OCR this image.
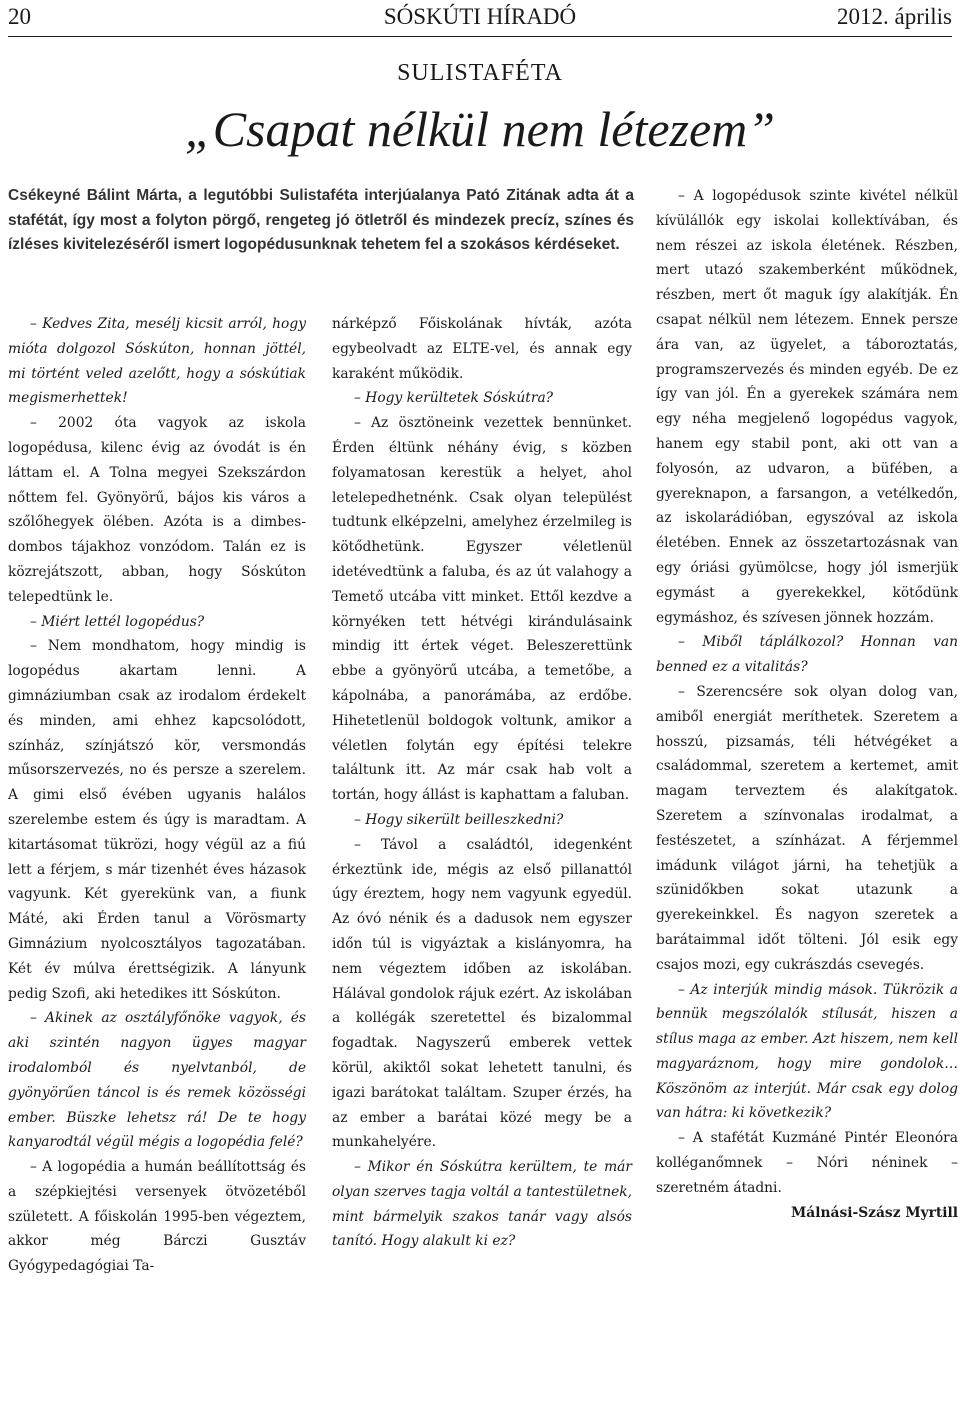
20	SÓSKÚTI HÍRADÓ	2012. április
SULISTAFÉTA
„Csapat nélkül nem létezem”
Csékeyné Bálint Márta, a legutóbbi Sulistaféta interjúalanya Pató Zitának adta át a stafétát, így most a folyton pörgő, rengeteg jó ötletről és mindezek precíz, színes és ízléses kivitelezéséről ismert logopédusunknak tehetem fel a szokásos kérdéseket.

– Kedves Zita, mesélj kicsit arról, hogy mióta dolgozol Sóskúton, honnan jöttél, mi történt veled azelőtt, hogy a sóskútiak megismerhettek!

– 2002 óta vagyok az iskola logopédusa, kilenc évig az óvodát is én láttam el. A Tolna megyei Szekszárdon nőttem fel. Gyönyörű, bájos kis város a szőlőhegyek ölében. Azóta is a dimbes-dombos tájakhoz vonzódom. Talán ez is közrejátszott, abban, hogy Sóskúton telepedtünk le.

– Miért lettél logopédus?

– Nem mondhatom, hogy mindig is logopédus akartam lenni. A gimnáziumban csak az irodalom érdekelt és minden, ami ehhez kapcsolódott, színház, színjátszó kör, versmondás műsorszervezés, no és persze a szerelem. A gimi első évében ugyanis halálos szerelembe estem és úgy is maradtam. A kitartásomat tükrözi, hogy végül az a fiú lett a férjem, s már tizenhét éves házasok vagyunk. Két gyerekünk van, a fiunk Máté, aki Érden tanul a Vörösmarty Gimnázium nyolcosztályos tagozatában. Két év múlva érettségizik. A lányunk pedig Szofi, aki hetedikes itt Sóskúton.

– Akinek az osztályfőnöke vagyok, és aki szintén nagyon ügyes magyar irodalomból és nyelvtanból, de gyönyörűen táncol is és remek közösségi ember. Büszke lehetsz rá! De te hogy kanyarodtál végül mégis a logopédia felé?

– A logopédia a humán beállítottság és a szépkiejtési versenyek ötvözetéből született. A főiskolán 1995-ben végeztem, akkor még Bárczi Gusztáv Gyógypedagógiai Ta-

nárképző Főiskolának hívták, azóta egybeolvadt az ELTE-vel, és annak egy karaként működik.

– Hogy kerültetek Sóskútra?

– Az ösztöneink vezettek bennünket. Érden éltünk néhány évig, s közben folyamatosan kerestük a helyet, ahol letelepedhetnénk. Csak olyan települést tudtunk elképzelni, amelyhez érzelmileg is kötődhetünk. Egyszer véletlenül idetévedtünk a faluba, és az út valahogy a Temető utcába vitt minket. Ettől kezdve a környéken tett hétvégi kirándulásaink mindig itt értek véget. Beleszerettünk ebbe a gyönyörű utcába, a temetőbe, a kápolnába, a panorámába, az erdőbe. Hihetetlenül boldogok voltunk, amikor a véletlen folytán egy építési telekre találtunk itt. Az már csak hab volt a tortán, hogy állást is kaphattam a faluban.

– Hogy sikerült beilleszkedni?

– Távol a családtól, idegenként érkeztünk ide, mégis az első pillanattól úgy éreztem, hogy nem vagyunk egyedül. Az óvó nénik és a dadusok nem egyszer időn túl is vigyáztak a kislányomra, ha nem végeztem időben az iskolában. Hálával gondolok rájuk ezért. Az iskolában a kollégák szeretettel és bizalommal fogadtak. Nagyszerű emberek vettek körül, akiktől sokat lehetett tanulni, és igazi barátokat találtam. Szuper érzés, ha az ember a barátai közé megy be a munkahelyére.

– Mikor én Sóskútra kerültem, te már olyan szerves tagja voltál a tantestületnek, mint bármelyik szakos tanár vagy alsós tanító. Hogy alakult ki ez?

– A logopédusok szinte kivétel nélkül kívülállók egy iskolai kollektívában, és nem részei az iskola életének. Részben, mert utazó szakemberként működnek, részben, mert őt maguk így alakítják. Én csapat nélkül nem létezem. Ennek persze ára van, az ügyelet, a táboroztatás, programszervezés és minden egyéb. De ez így van jól. Én a gyerekek számára nem egy néha megjelenő logopédus vagyok, hanem egy stabil pont, aki ott van a folyosón, az udvaron, a büfében, a gyereknapon, a farsangon, a vetélkedőn, az iskolarádióban, egyszóval az iskola életében. Ennek az összetartozásnak van egy óriási gyümölcse, hogy jól ismerjük egymást a gyerekekkel, kötődünk egymáshoz, és szívesen jönnek hozzám.

– Miből táplálkozol? Honnan van benned ez a vitalitás?

– Szerencsére sok olyan dolog van, amiből energiát meríthetek. Szeretem a hosszú, pizsamás, téli hétvégéket a családommal, szeretem a kertemet, amit magam terveztem és alakítgatok. Szeretem a színvonalas irodalmat, a festészetet, a színházat. A férjemmel imádunk világot járni, ha tehetjük a szünidőkben sokat utazunk a gyerekeinkkel. És nagyon szeretek a barátaimmal időt tölteni. Jól esik egy csajos mozi, egy cukrászdás csevegés.

– Az interjúk mindig mások. Tükrözik a bennük megszólalók stílusát, hiszen a stílus maga az ember. Azt hiszem, nem kell magyaráznom, hogy mire gondolok… Köszönöm az interjút. Már csak egy dolog van hátra: ki következik?

– A stafétát Kuzmáné Pintér Eleonóra kolléganőmnek – Nóri néninek – szeretném átadni.

Málnási-Szász Myrtill
